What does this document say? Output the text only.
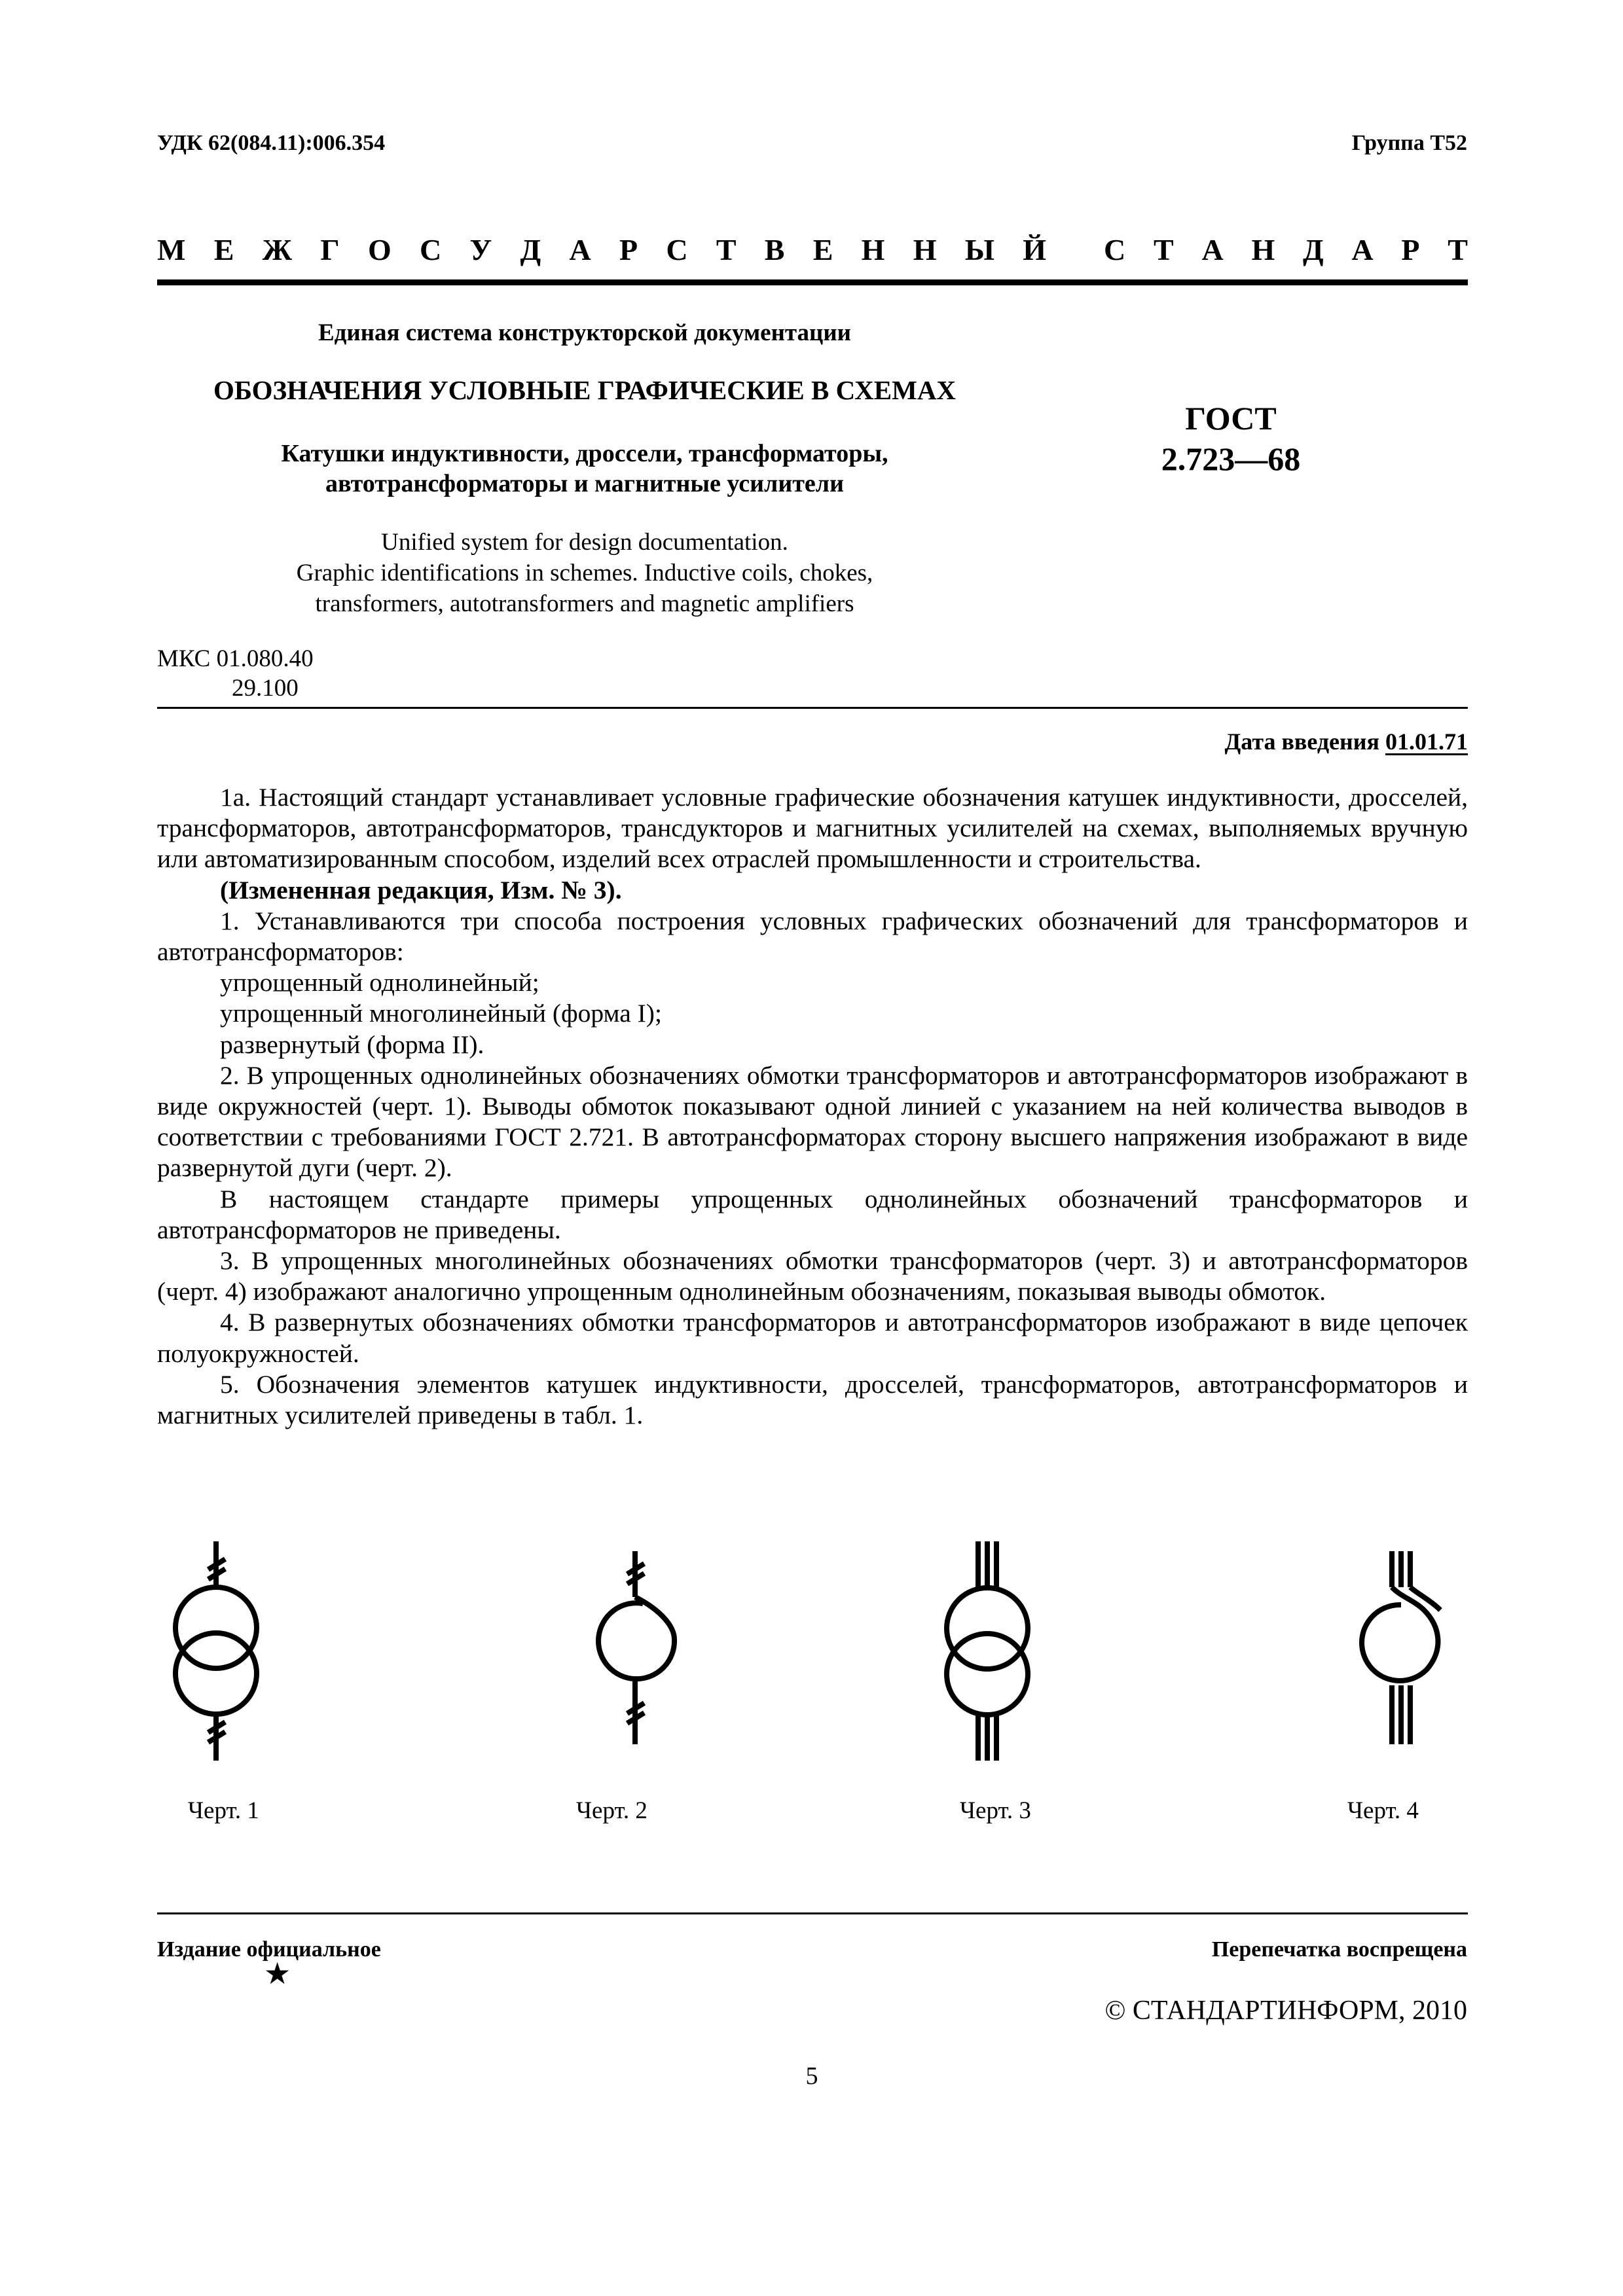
УДК 62(084.11):006.354	Группа Т52
М Е Ж Г О С У Д А Р С Т В Е Н Н Ы Й С Т А Н Д А Р Т
Единая система конструкторской документации
ОБОЗНАЧЕНИЯ УСЛОВНЫЕ ГРАФИЧЕСКИЕ В СХЕМАХ
Катушки индуктивности, дроссели, трансформаторы,
автотрансформаторы и магнитные усилители
ГОСТ
2.723—68
Unified system for design documentation.
Graphic identifications in schemes. Inductive coils, chokes,
transformers, autotransformers and magnetic amplifiers
МКС 01.080.40
29.100
Дата введения 01.01.71

1а. Настоящий стандарт устанавливает условные графические обозначения катушек индуктивности, дросселей, трансформаторов, автотрансформаторов, трансдукторов и магнитных усилителей на схемах, выполняемых вручную или автоматизированным способом, изделий всех отраслей промышленности и строительства.

(Измененная редакция, Изм. № 3).

1. Устанавливаются три способа построения условных графических обозначений для трансформаторов и автотрансформаторов:

упрощенный однолинейный;

упрощенный многолинейный (форма I);

развернутый (форма II).

2. В упрощенных однолинейных обозначениях обмотки трансформаторов и автотрансформаторов изображают в виде окружностей (черт. 1). Выводы обмоток показывают одной линией с указанием на ней количества выводов в соответствии с требованиями ГОСТ 2.721. В автотрансформаторах сторону высшего напряжения изображают в виде развернутой дуги (черт. 2).

В настоящем стандарте примеры упрощенных однолинейных обозначений трансформаторов и автотрансформаторов не приведены.

3. В упрощенных многолинейных обозначениях обмотки трансформаторов (черт. 3) и автотрансформаторов (черт. 4) изображают аналогично упрощенным однолинейным обозначениям, показывая выводы обмоток.

4. В развернутых обозначениях обмотки трансформаторов и автотрансформаторов изображают в виде цепочек полуокружностей.

5. Обозначения элементов катушек индуктивности, дросселей, трансформаторов, автотрансформаторов и магнитных усилителей приведены в табл. 1.

Черт. 1	Черт. 2	Черт. 3	Черт. 4
Издание официальное
★
Перепечатка воспрещена
© СТАНДАРТИНФОРМ, 2010
5
